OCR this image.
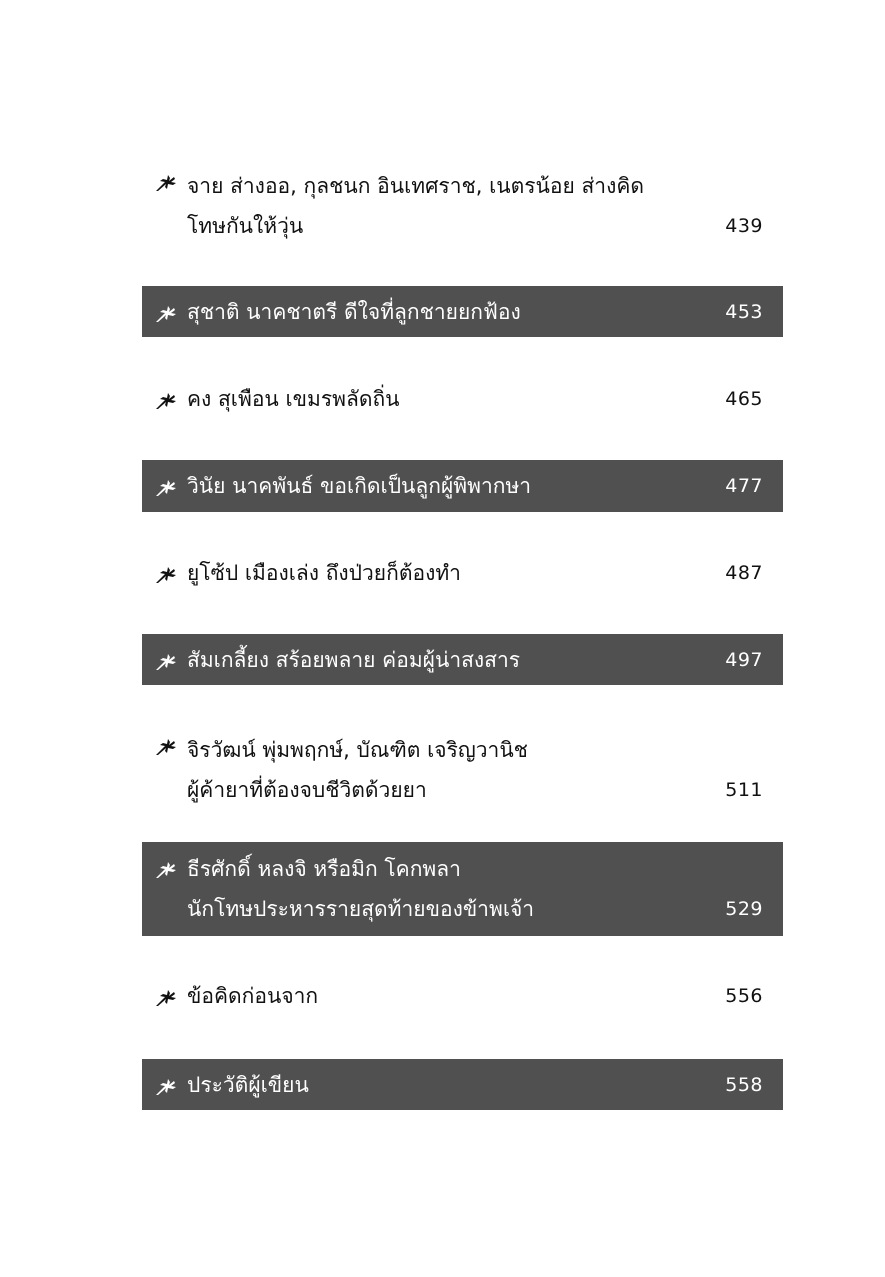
จาย ส่างออ, กุลชนก อินเทศราช, เนตรน้อย ส่างคิด
โทษกันให้วุ่น	439
สุชาติ นาคชาตรี ดีใจที่ลูกชายยกฟ้อง	453
คง สุเพือน เขมรพลัดถิ่น	465
วินัย นาคพันธ์ ขอเกิดเป็นลูกผู้พิพากษา	477
ยูโซ้ป เมืองเล่ง ถึงป่วยก็ต้องทำ	487
สัมเกลี้ยง สร้อยพลาย ค่อมผู้น่าสงสาร	497
จิรวัฒน์ พุ่มพฤกษ์, บัณฑิต เจริญวานิช
ผู้ค้ายาที่ต้องจบชีวิตด้วยยา	511
ธีรศักดิ์ หลงจิ หรือมิก โคกพลา
นักโทษประหารรายสุดท้ายของข้าพเจ้า	529
ข้อคิดก่อนจาก	556
ประวัติผู้เขียน	558
